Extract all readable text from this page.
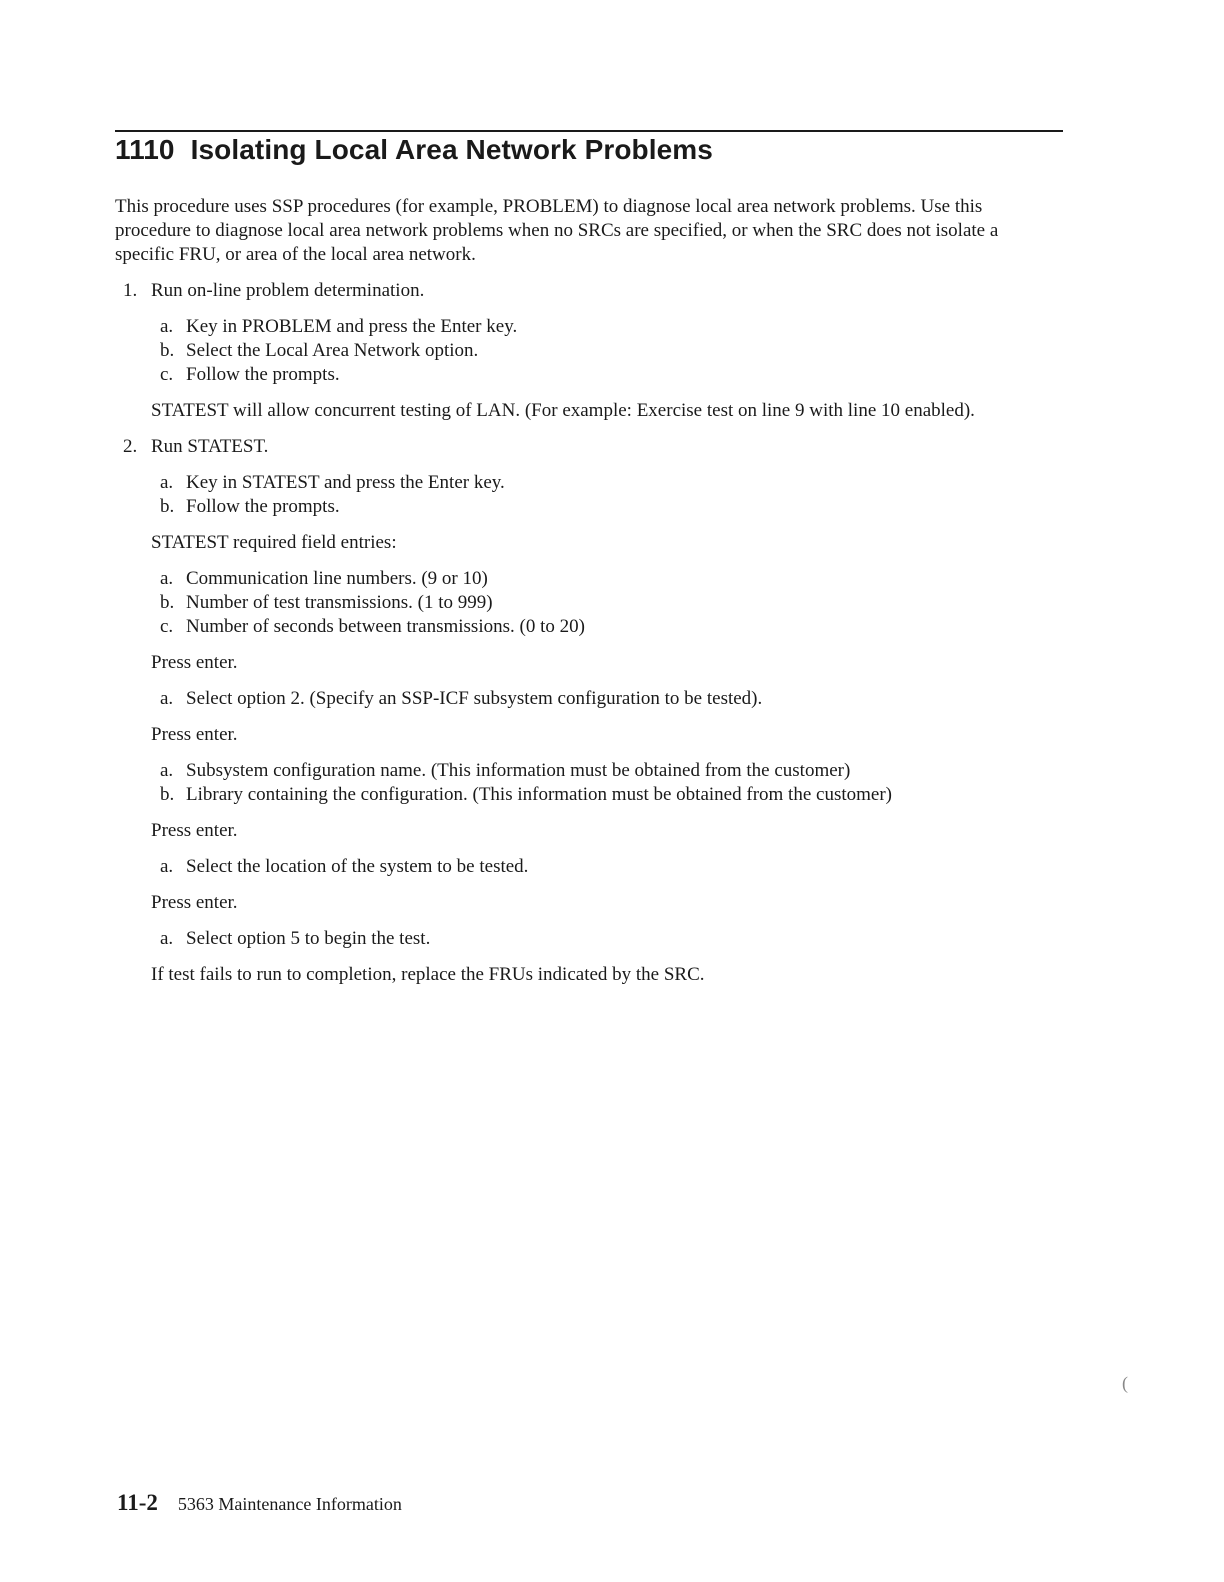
1110 Isolating Local Area Network Problems

This procedure uses SSP procedures (for example, PROBLEM) to diagnose local area network problems. Use this procedure to diagnose local area network problems when no SRCs are specified, or when the SRC does not isolate a specific FRU, or area of the local area network.

1. Run on-line problem determination.
a. Key in PROBLEM and press the Enter key.
b. Select the Local Area Network option.
c. Follow the prompts.

STATEST will allow concurrent testing of LAN. (For example: Exercise test on line 9 with line 10 enabled).

2. Run STATEST.
a. Key in STATEST and press the Enter key.
b. Follow the prompts.

STATEST required field entries:

a. Communication line numbers. (9 or 10)
b. Number of test transmissions. (1 to 999)
c. Number of seconds between transmissions. (0 to 20)

Press enter.

a. Select option 2. (Specify an SSP-ICF subsystem configuration to be tested).

Press enter.

a. Subsystem configuration name. (This information must be obtained from the customer)
b. Library containing the configuration. (This information must be obtained from the customer)

Press enter.

a. Select the location of the system to be tested.

Press enter.

a. Select option 5 to begin the test.

If test fails to run to completion, replace the FRUs indicated by the SRC.

(
11-2 5363 Maintenance Information
